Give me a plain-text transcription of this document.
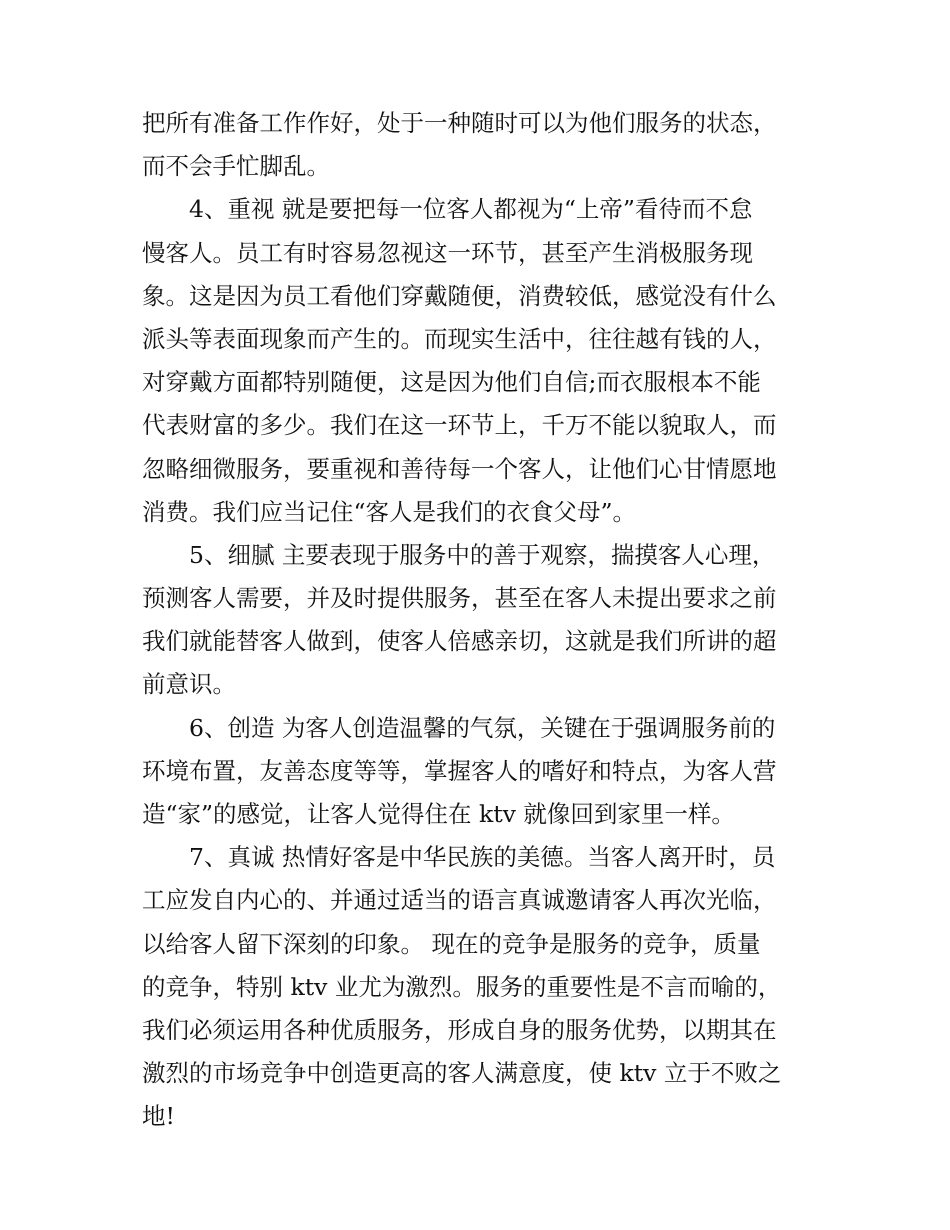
把所有准备工作作好，处于一种随时可以为他们服务的状态，
而不会手忙脚乱。
4、重视 就是要把每一位客人都视为“上帝”看待而不怠
慢客人。员工有时容易忽视这一环节，甚至产生消极服务现
象。这是因为员工看他们穿戴随便，消费较低，感觉没有什么
派头等表面现象而产生的。而现实生活中，往往越有钱的人，
对穿戴方面都特别随便，这是因为他们自信;而衣服根本不能
代表财富的多少。我们在这一环节上，千万不能以貌取人，而
忽略细微服务，要重视和善待每一个客人，让他们心甘情愿地
消费。我们应当记住“客人是我们的衣食父母”。
5、细腻 主要表现于服务中的善于观察，揣摸客人心理，
预测客人需要，并及时提供服务，甚至在客人未提出要求之前
我们就能替客人做到，使客人倍感亲切，这就是我们所讲的超
前意识。
6、创造 为客人创造温馨的气氛，关键在于强调服务前的
环境布置，友善态度等等，掌握客人的嗜好和特点，为客人营
造“家”的感觉，让客人觉得住在 ktv 就像回到家里一样。
7、真诚 热情好客是中华民族的美德。当客人离开时，员
工应发自内心的、并通过适当的语言真诚邀请客人再次光临，
以给客人留下深刻的印象。 现在的竞争是服务的竞争，质量
的竞争，特别 ktv 业尤为激烈。服务的重要性是不言而喻的，
我们必须运用各种优质服务，形成自身的服务优势，以期其在
激烈的市场竞争中创造更高的客人满意度，使 ktv 立于不败之
地!
